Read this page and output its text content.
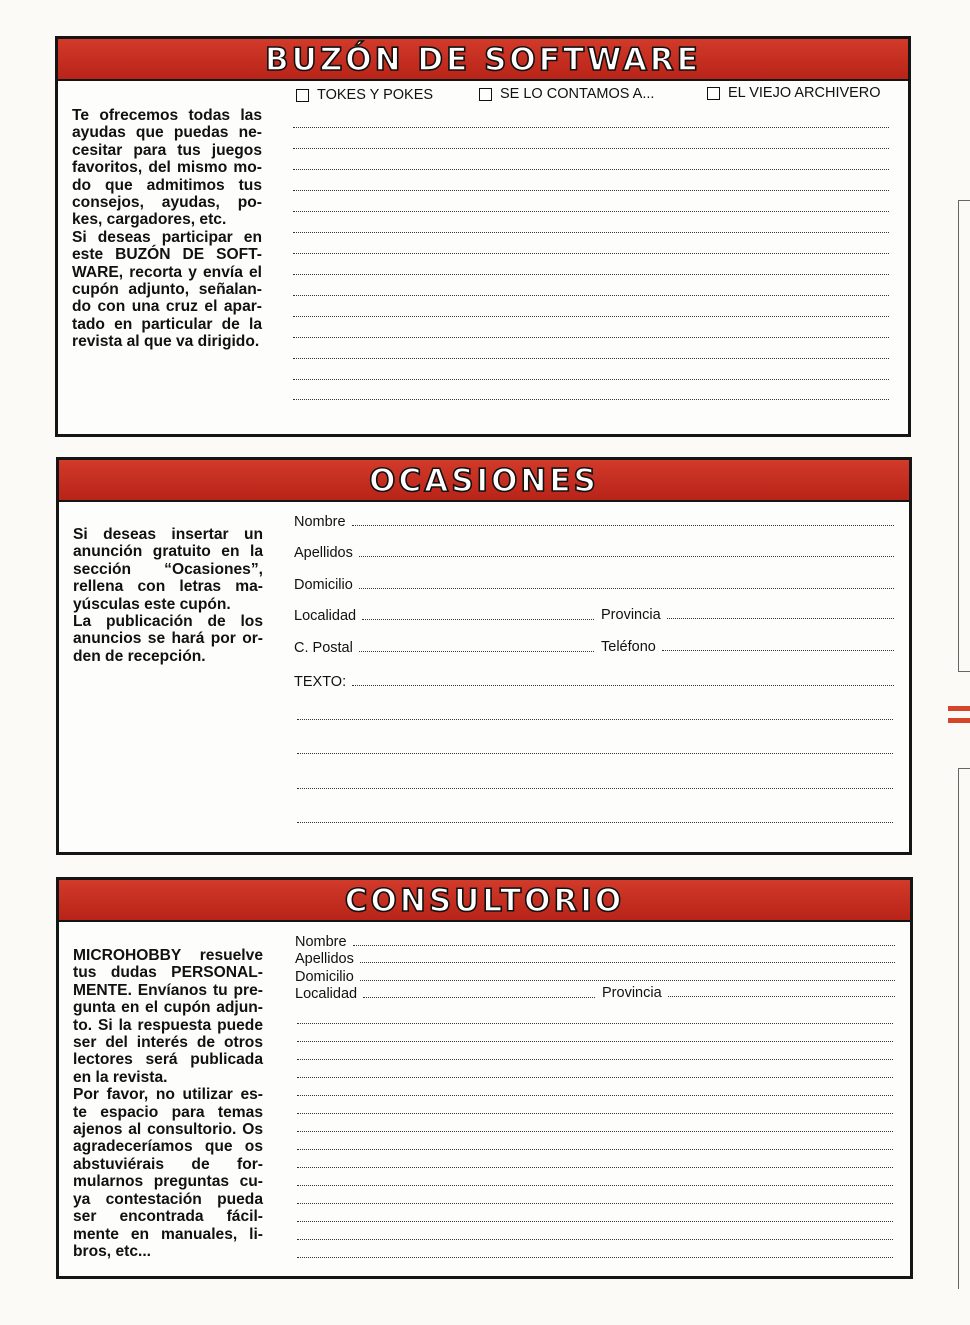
BUZÓN DE SOFTWARE
Te ofrecemos todas las ayudas que puedas ne- cesitar para tus juegos favoritos, del mismo mo- do que admitimos tus consejos, ayudas, po- kes, cargadores, etc.
Si deseas participar en este BUZÓN DE SOFT- WARE, recorta y envía el cupón adjunto, señalan- do con una cruz el apar- tado en particular de la revista al que va dirigido.
TOKES Y POKES	SE LO CONTAMOS A...	EL VIEJO ARCHIVERO
OCASIONES
Si deseas insertar un anunción gratuito en la sección “Ocasiones”, rellena con letras ma- yúsculas este cupón.
La publicación de los anuncios se hará por or- den de recepción.
Nombre
Apellidos
Domicilio
Localidad	Provincia
C. Postal	Teléfono
TEXTO:
CONSULTORIO
MICROHOBBY resuelve tus dudas PERSONAL- MENTE. Envíanos tu pre- gunta en el cupón adjun- to. Si la respuesta puede ser del interés de otros lectores será publicada en la revista.
Por favor, no utilizar es- te espacio para temas ajenos al consultorio. Os agradeceríamos que os abstuviérais de for- mularnos preguntas cu- ya contestación pueda ser encontrada fácil- mente en manuales, li- bros, etc...
Nombre
Apellidos
Domicilio
Localidad	Provincia
